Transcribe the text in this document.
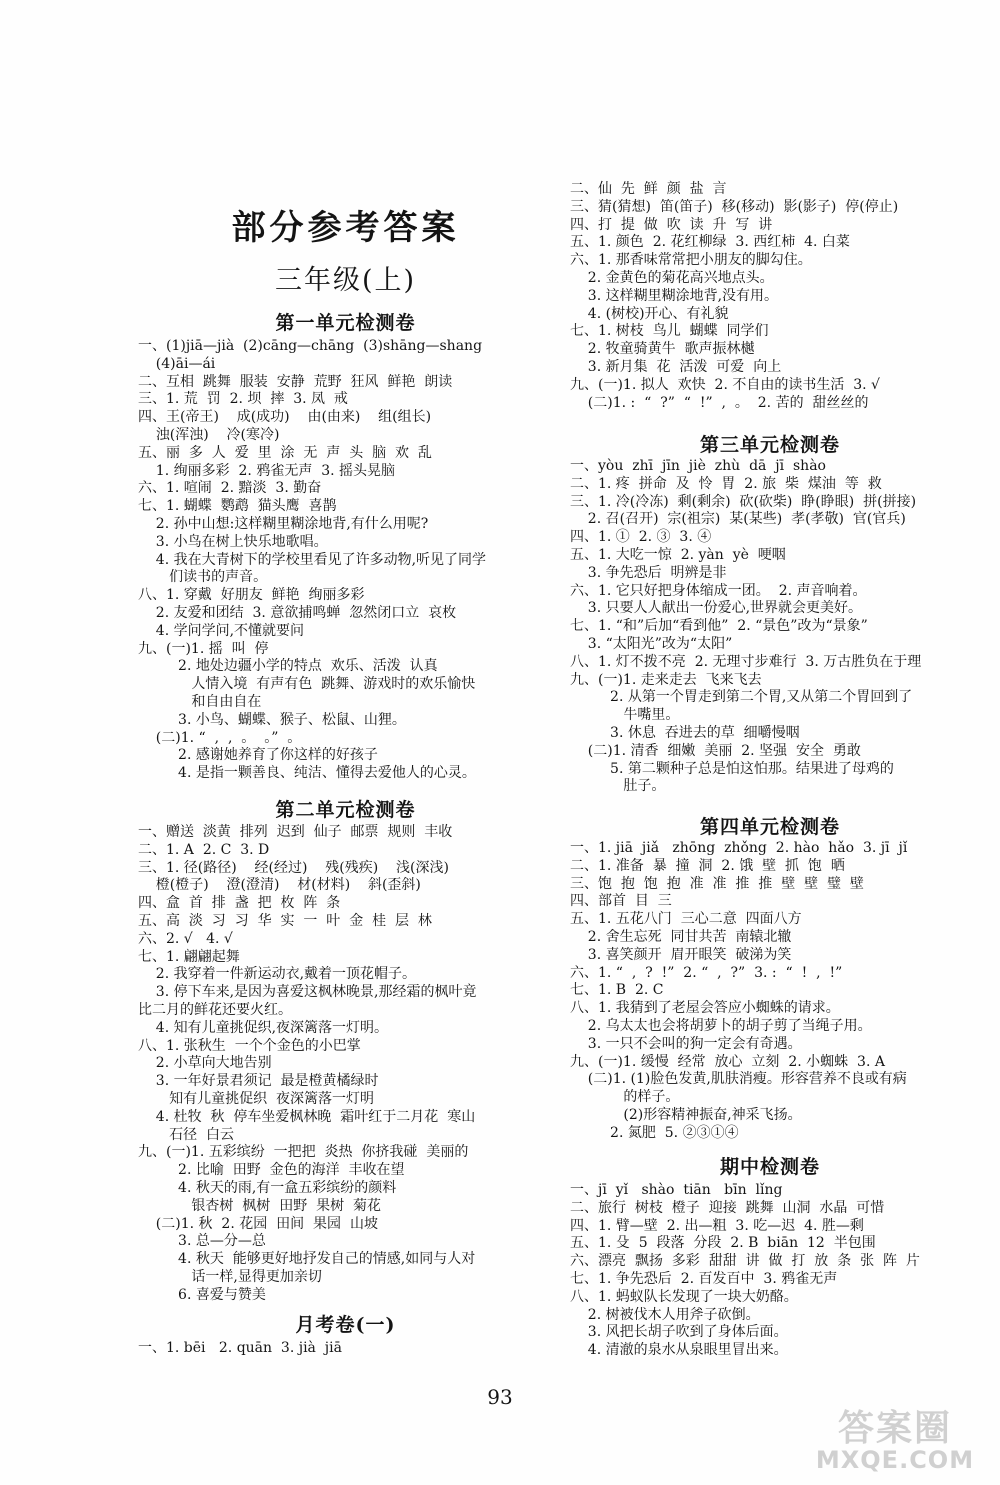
部分参考答案
三年级(上)
第一单元检测卷
一、(1)jiā—jià  (2)cāng—chāng  (3)shāng—shang
(4)āi—ái
二、互相  跳舞  服装  安静  荒野  狂风  鲜艳  朗读
三、1. 荒  罚  2. 坝  摔  3. 凤  戒
四、王(帝王)    成(成功)    由(由来)    组(组长)
浊(浑浊)    冷(寒冷)
五、丽  多  人  爱  里  涂  无  声  头  脑  欢  乱
1. 绚丽多彩  2. 鸦雀无声  3. 摇头晃脑
六、1. 喧闹  2. 黯淡  3. 勤奋
七、1. 蝴蝶  鹦鹉  猫头鹰  喜鹊
2. 孙中山想:这样糊里糊涂地背,有什么用呢?
3. 小鸟在树上快乐地歌唱。
4. 我在大青树下的学校里看见了许多动物,听见了同学
们读书的声音。
八、1. 穿戴  好朋友  鲜艳  绚丽多彩
2. 友爱和团结  3. 意欲捕鸣蝉  忽然闭口立  哀枚
4. 学问学问,不懂就要问
九、(一)1. 摇  叫  停
2. 地处边疆小学的特点  欢乐、活泼  认真
人情入境  有声有色  跳舞、游戏时的欢乐愉快
和自由自在
3. 小鸟、蝴蝶、猴子、松鼠、山狸。
(二)1. “  ,  ,  。  。”  。
2. 感谢她养育了你这样的好孩子
4. 是指一颗善良、纯洁、懂得去爱他人的心灵。
第二单元检测卷
一、赠送  淡黄  排列  迟到  仙子  邮票  规则  丰收
二、1. A  2. C  3. D
三、1. 径(路径)    经(经过)    残(残疾)    浅(深浅)
橙(橙子)    澄(澄清)    材(材料)    斜(歪斜)
四、盒  首  排  盏  把  枚  阵  条
五、高  淡  习  习  华  实  一  叶  金  桂  层  林
六、2. √   4. √
七、1. 翩翩起舞
2. 我穿着一件新运动衣,戴着一顶花帽子。
3. 停下车来,是因为喜爱这枫林晚景,那经霜的枫叶竟
比二月的鲜花还要火红。
4. 知有儿童挑促织,夜深篱落一灯明。
八、1. 张秋生  一个个金色的小巴掌
2. 小草向大地告别
3. 一年好景君须记  最是橙黄橘绿时
知有儿童挑促织  夜深篱落一灯明
4. 杜牧  秋  停车坐爱枫林晚  霜叶红于二月花  寒山
石径  白云
九、(一)1. 五彩缤纷  一把把  炎热  你挤我碰  美丽的
2. 比喻  田野  金色的海洋  丰收在望
4. 秋天的雨,有一盒五彩缤纷的颜料
银杏树  枫树  田野  果树  菊花
(二)1. 秋  2. 花园  田间  果园  山坡
3. 总—分—总
4. 秋天  能够更好地抒发自己的情感,如同与人对
话一样,显得更加亲切
6. 喜爱与赞美
月考卷(一)
一、1. bēi   2. quān  3. jià  jiā
二、仙  先  鲜  颜  盐  言
三、猜(猜想)  笛(笛子)  移(移动)  影(影子)  停(停止)
四、打  提  做  吹  读  升  写  讲
五、1. 颜色  2. 花红柳绿  3. 西红柿  4. 白菜
六、1. 那香味常常把小朋友的脚勾住。
2. 金黄色的菊花高兴地点头。
3. 这样糊里糊涂地背,没有用。
4. (树校)开心、有礼貌
七、1. 树枝  鸟儿  蝴蝶  同学们
2. 牧童骑黄牛  歌声振林樾
3. 新月集  花  活泼  可爱  向上
九、(一)1. 拟人  欢快  2. 不自由的读书生活  3. √
(二)1. :  “  ?”  “  !”  ,  。  2. 苦的  甜丝丝的
第三单元检测卷
一、yòu  zhī  jīn  jiè  zhù  dā  jī  shào
二、1. 疼  拼命  及  怜  胃  2. 旅  柴  煤油  等  救
三、1. 冷(冷冻)  剩(剩余)  砍(砍柴)  睁(睁眼)  拼(拼接)
2. 召(召开)  宗(祖宗)  某(某些)  孝(孝敬)  官(官兵)
四、1. ①  2. ③  3. ④
五、1. 大吃一惊  2. yàn  yè  哽咽
3. 争先恐后  明辨是非
六、1. 它只好把身体缩成一团。  2. 声音响着。
3. 只要人人献出一份爱心,世界就会更美好。
七、1. “和”后加“看到他”  2. “景色”改为“景象”
3. “太阳光”改为“太阳”
八、1. 灯不拨不亮  2. 无理寸步难行  3. 万古胜负在于理
九、(一)1. 走来走去  飞来飞去
2. 从第一个胃走到第二个胃,又从第二个胃回到了
牛嘴里。
3. 休息  吞进去的草  细嚼慢咽
(二)1. 清香  细嫩  美丽  2. 坚强  安全  勇敢
5. 第二颗种子总是怕这怕那。结果进了母鸡的
肚子。
第四单元检测卷
一、1. jiā  jiǎ   zhōng  zhǒng  2. hào  hǎo  3. jī  jǐ
二、1. 准备  暴  撞  洞  2. 饿  壁  抓  饱  晒
三、饱  抱  饱  抱  准  准  推  推  壁  壁  璧  壁
四、部首  目  三
五、1. 五花八门  三心二意  四面八方
2. 舍生忘死  同甘共苦  南辕北辙
3. 喜笑颜开  眉开眼笑  破涕为笑
六、1. “  ,  ?  !”  2. “  ,  ?”  3. :  “  !  ,  !”
七、1. B  2. C
八、1. 我猜到了老屋会答应小蜘蛛的请求。
2. 乌太太也会将胡萝卜的胡子剪了当绳子用。
3. 一只不会叫的狗一定会有奇遇。
九、(一)1. 缓慢  经常  放心  立刻  2. 小蜘蛛  3. A
(二)1. (1)脸色发黄,肌肤消瘦。形容营养不良或有病
的样子。
(2)形容精神振奋,神采飞扬。
2. 氮肥  5. ②③①④
期中检测卷
一、jī  yǐ   shào  tiān   bīn  lǐng
二、旅行  树枝  橙子  迎接  跳舞  山洞  水晶  可惜
四、1. 臂—壁  2. 出—粗  3. 吃—迟  4. 胜—剩
五、1. 殳  5  段落  分段  2. B  biān  12  半包围
六、漂亮  飘扬  多彩  甜甜  讲  做  打  放  条  张  阵  片
七、1. 争先恐后  2. 百发百中  3. 鸦雀无声
八、1. 蚂蚁队长发现了一块大奶酪。
2. 树被伐木人用斧子砍倒。
3. 风把长胡子吹到了身体后面。
4. 清澈的泉水从泉眼里冒出来。
93
答案圈
MXQE.COM
